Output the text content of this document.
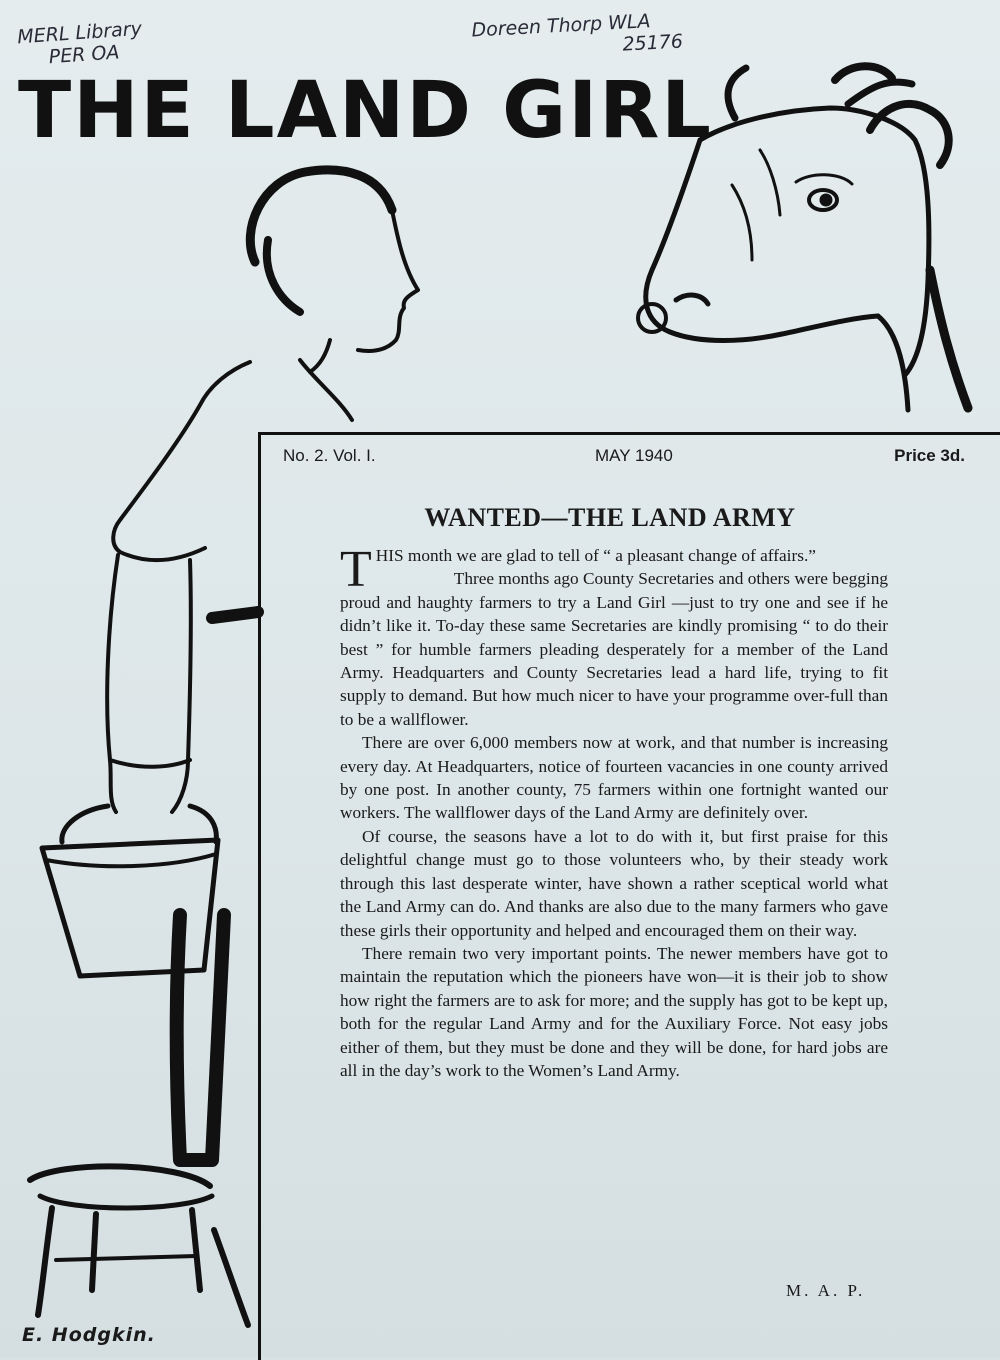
MERL Library
PER OA
Doreen Thorp WLA
25176
THE LAND GIRL
No. 2. Vol. I.	MAY 1940	Price 3d.
WANTED—THE LAND ARMY

THIS month we are glad to tell of “ a pleasant change of affairs.”

Three months ago County Secretaries and others were begging proud and haughty farmers to try a Land Girl —just to try one and see if he didn’t like it. To-day these same Secretaries are kindly promising “ to do their best ” for humble farmers pleading desperately for a member of the Land Army. Headquarters and County Secretaries lead a hard life, trying to fit supply to demand. But how much nicer to have your programme over-full than to be a wallflower.

There are over 6,000 members now at work, and that number is increasing every day. At Headquarters, notice of fourteen vacancies in one county arrived by one post. In another county, 75 farmers within one fortnight wanted our workers. The wallflower days of the Land Army are definitely over.

Of course, the seasons have a lot to do with it, but first praise for this delightful change must go to those volunteers who, by their steady work through this last desperate winter, have shown a rather sceptical world what the Land Army can do. And thanks are also due to the many farmers who gave these girls their opportunity and helped and encouraged them on their way.

There remain two very important points. The newer members have got to maintain the reputation which the pioneers have won—it is their job to show how right the farmers are to ask for more; and the supply has got to be kept up, both for the regular Land Army and for the Auxiliary Force. Not easy jobs either of them, but they must be done and they will be done, for hard jobs are all in the day’s work to the Women’s Land Army.

M. A. P.
E. Hodgkin.
